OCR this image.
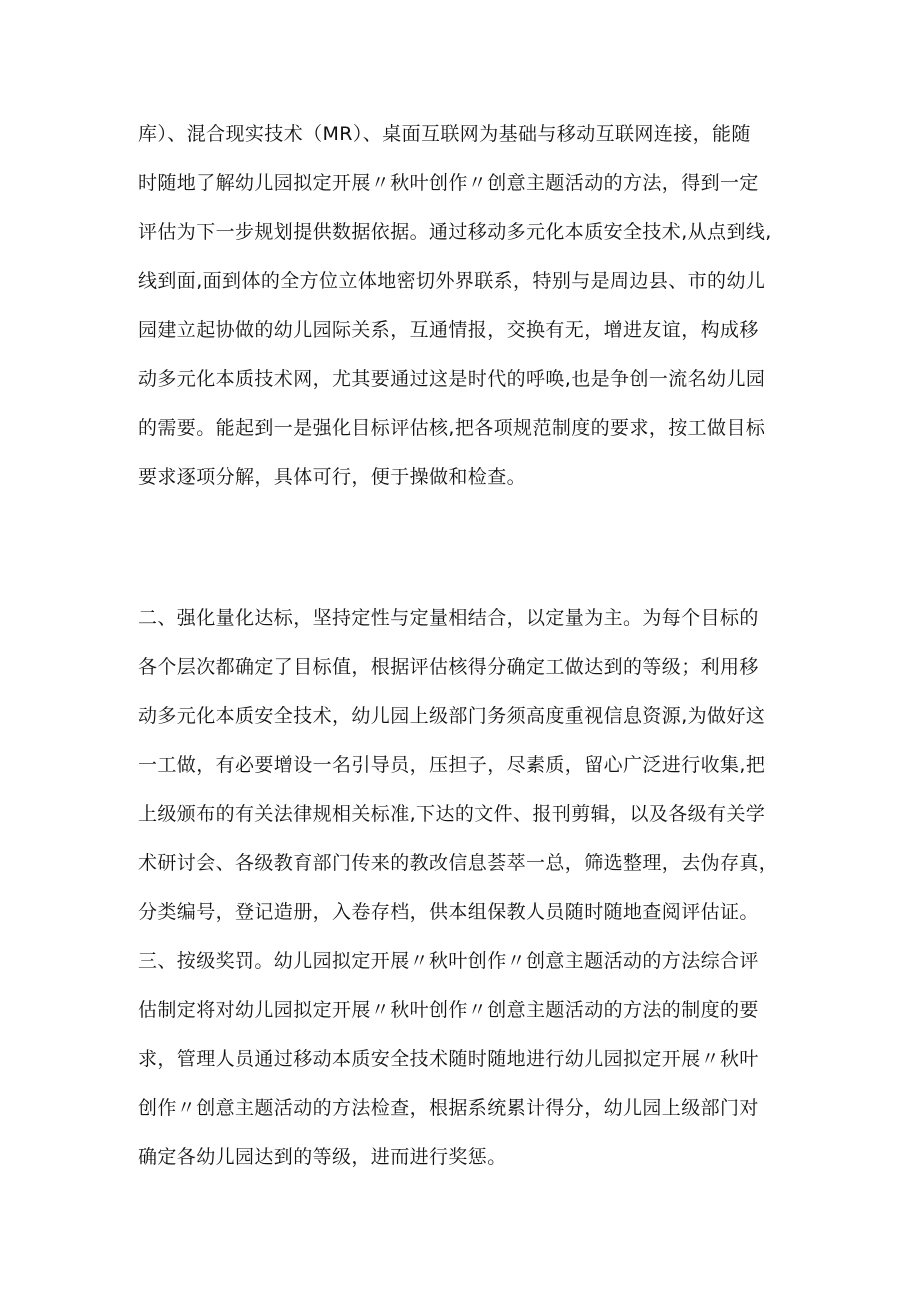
库）、混合现实技术（MR）、桌面互联网为基础与移动互联网连接，能随
时随地了解幼儿园拟定开展〃秋叶创作〃创意主题活动的方法，得到一定
评估为下一步规划提供数据依据。通过移动多元化本质安全技术,从点到线,
线到面,面到体的全方位立体地密切外界联系，特别与是周边县、市的幼儿
园建立起协做的幼儿园际关系，互通情报，交换有无，增进友谊，构成移
动多元化本质技术网，尤其要通过这是时代的呼唤,也是争创一流名幼儿园
的需要。能起到一是强化目标评估核,把各项规范制度的要求，按工做目标
要求逐项分解，具体可行，便于操做和检查。
二、强化量化达标，坚持定性与定量相结合，以定量为主。为每个目标的
各个层次都确定了目标值，根据评估核得分确定工做达到的等级；利用移
动多元化本质安全技术，幼儿园上级部门务须高度重视信息资源,为做好这
一工做，有必要增设一名引导员，压担子，尽素质，留心广泛进行收集,把
上级颁布的有关法律规相关标准,下达的文件、报刊剪辑，以及各级有关学
术研讨会、各级教育部门传来的教改信息荟萃一总，筛选整理，去伪存真，
分类编号，登记造册，入卷存档，供本组保教人员随时随地查阅评估证。
三、按级奖罚。幼儿园拟定开展〃秋叶创作〃创意主题活动的方法综合评
估制定将对幼儿园拟定开展〃秋叶创作〃创意主题活动的方法的制度的要
求，管理人员通过移动本质安全技术随时随地进行幼儿园拟定开展〃秋叶
创作〃创意主题活动的方法检查，根据系统累计得分，幼儿园上级部门对
确定各幼儿园达到的等级，进而进行奖惩。
